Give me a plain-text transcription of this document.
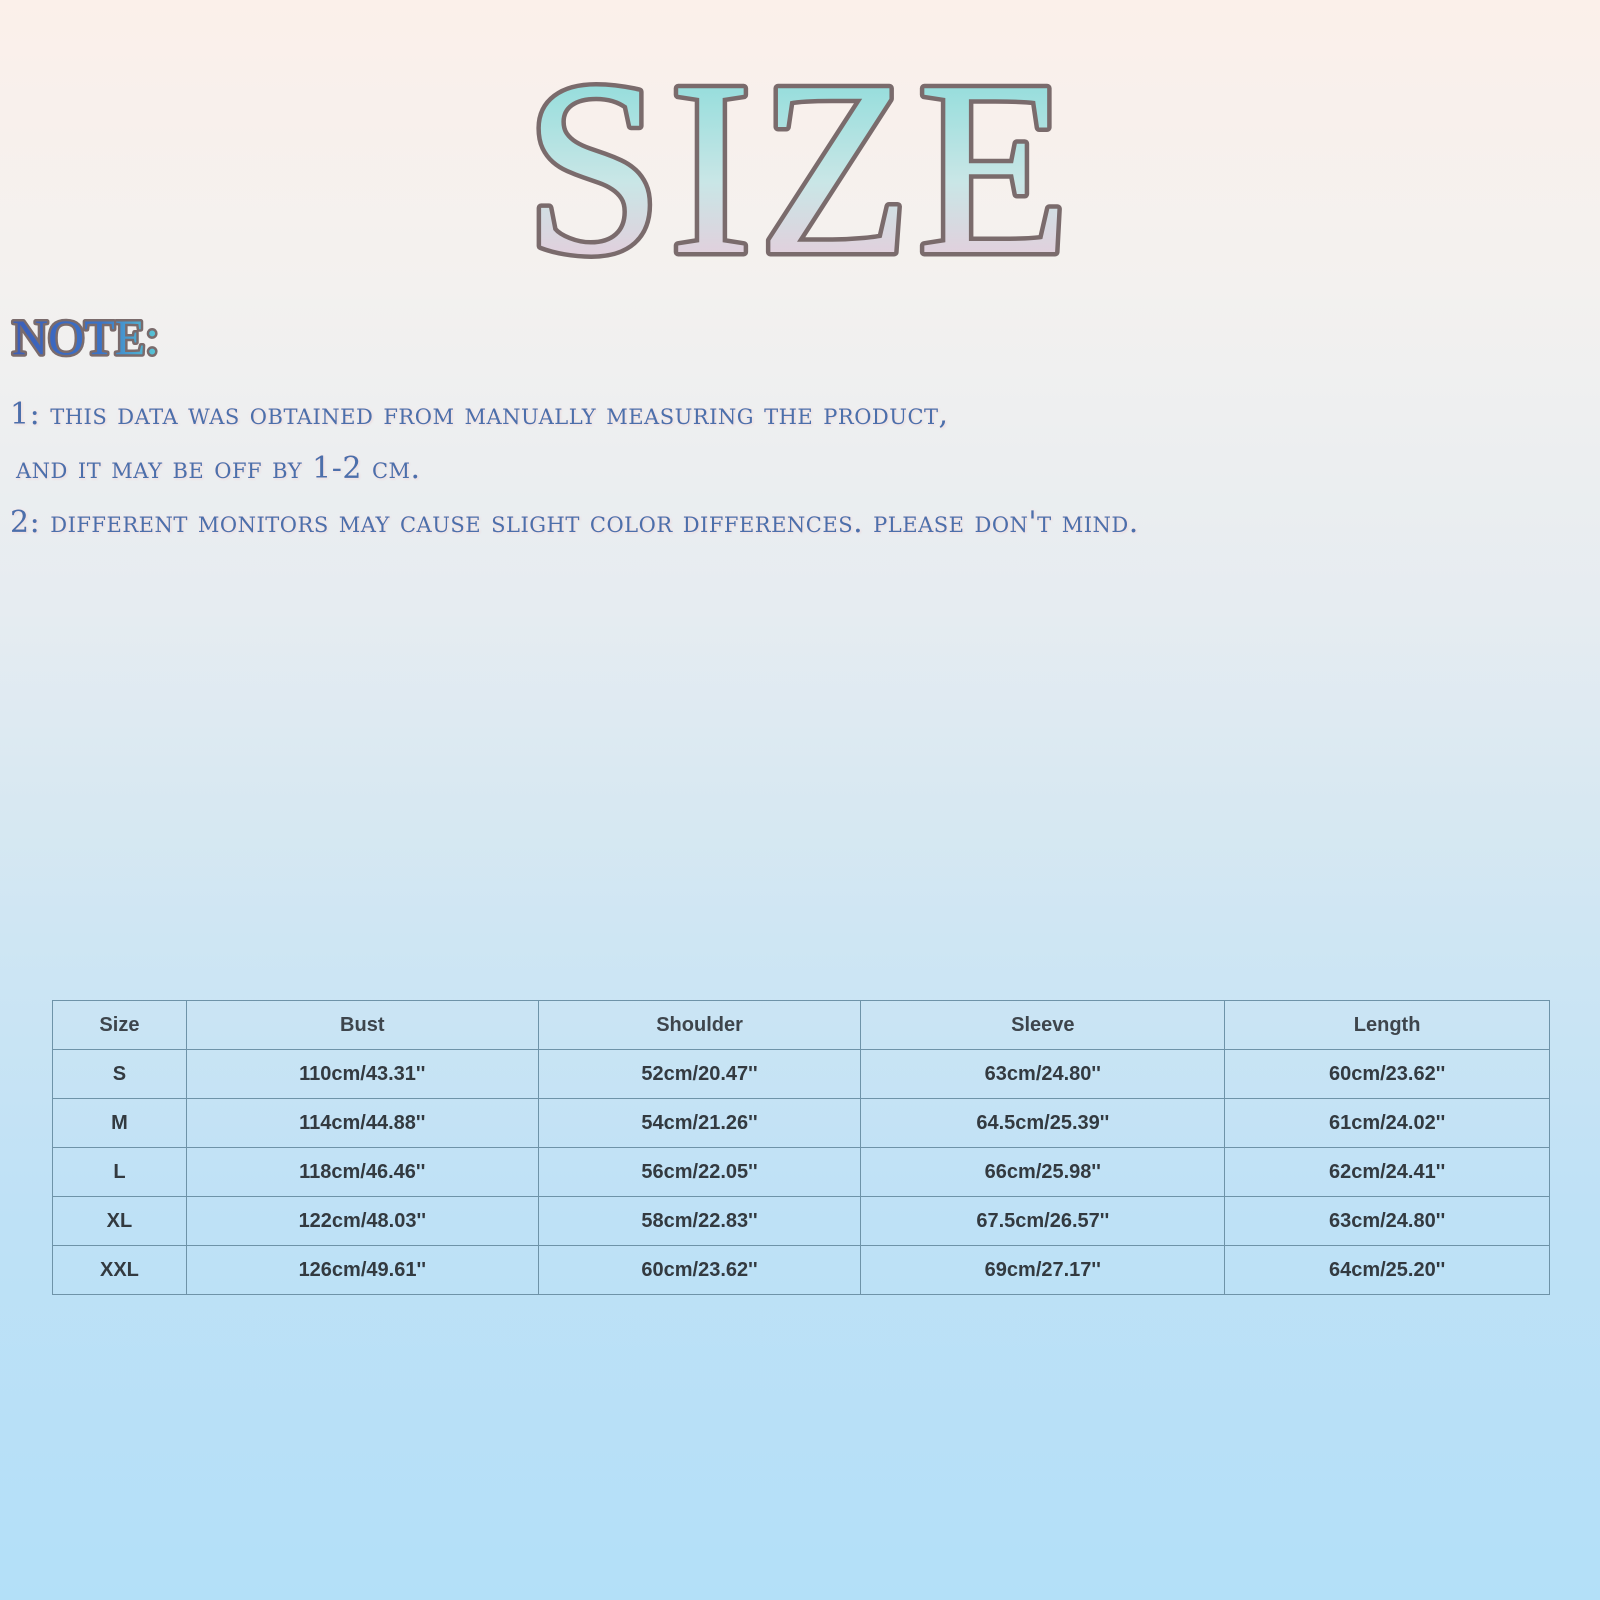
SIZE
NOTE:
1: this data was obtained from manually measuring the product,
and it may be off by 1-2 cm.
2: different monitors may cause slight color differences. please don't mind.
Size	Bust	Shoulder	Sleeve	Length
S	110cm/43.31''	52cm/20.47''	63cm/24.80''	60cm/23.62''
M	114cm/44.88''	54cm/21.26''	64.5cm/25.39''	61cm/24.02''
L	118cm/46.46''	56cm/22.05''	66cm/25.98''	62cm/24.41''
XL	122cm/48.03''	58cm/22.83''	67.5cm/26.57''	63cm/24.80''
XXL	126cm/49.61''	60cm/23.62''	69cm/27.17''	64cm/25.20''
